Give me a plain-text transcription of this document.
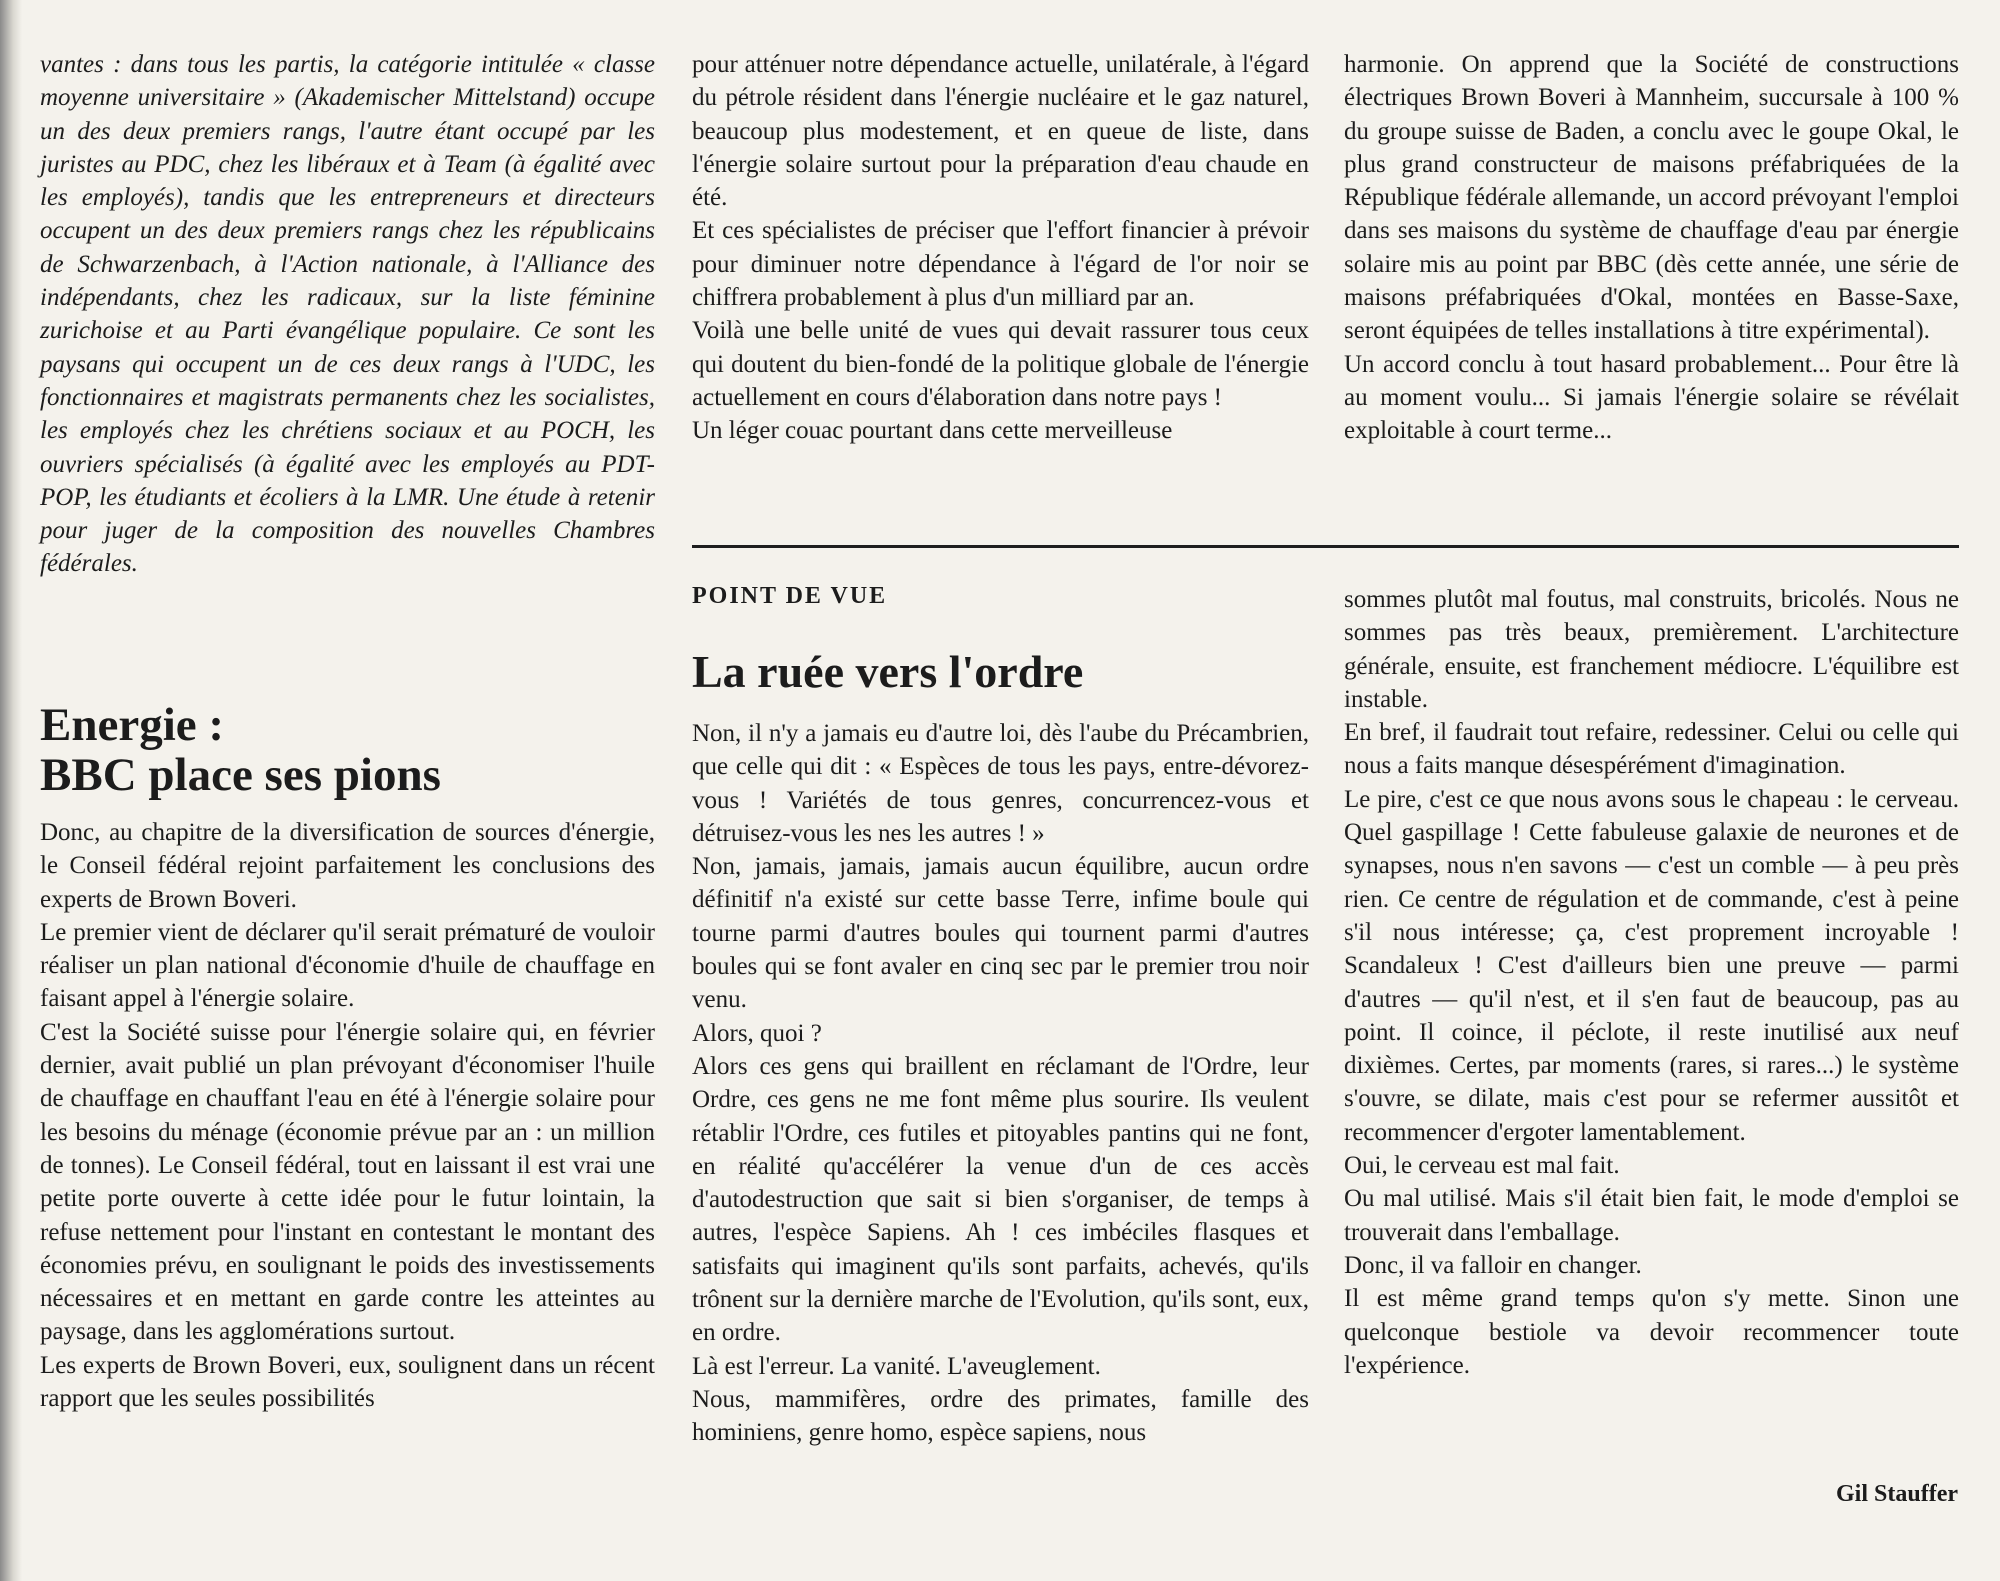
vantes : dans tous les partis, la catégorie intitulée « classe moyenne universitaire » (Akademischer Mittelstand) occupe un des deux premiers rangs, l'autre étant occupé par les juristes au PDC, chez les libéraux et à Team (à égalité avec les employés), tandis que les entrepreneurs et directeurs occupent un des deux premiers rangs chez les républicains de Schwarzenbach, à l'Action nationale, à l'Alliance des indépendants, chez les radicaux, sur la liste féminine zurichoise et au Parti évangélique populaire. Ce sont les paysans qui occupent un de ces deux rangs à l'UDC, les fonctionnaires et magistrats permanents chez les socialistes, les employés chez les chrétiens sociaux et au POCH, les ouvriers spécialisés (à égalité avec les employés au PDT-POP, les étudiants et écoliers à la LMR. Une étude à retenir pour juger de la composition des nouvelles Chambres fédérales.

Energie :
BBC place ses pions

Donc, au chapitre de la diversification de sources d'énergie, le Conseil fédéral rejoint parfaitement les conclusions des experts de Brown Boveri.

Le premier vient de déclarer qu'il serait prématuré de vouloir réaliser un plan national d'économie d'huile de chauffage en faisant appel à l'énergie solaire.

C'est la Société suisse pour l'énergie solaire qui, en février dernier, avait publié un plan prévoyant d'économiser l'huile de chauffage en chauffant l'eau en été à l'énergie solaire pour les besoins du ménage (économie prévue par an : un million de tonnes). Le Conseil fédéral, tout en laissant il est vrai une petite porte ouverte à cette idée pour le futur lointain, la refuse nettement pour l'instant en contestant le montant des économies prévu, en soulignant le poids des investissements nécessaires et en mettant en garde contre les atteintes au paysage, dans les agglomérations surtout.

Les experts de Brown Boveri, eux, soulignent dans un récent rapport que les seules possibilités

pour atténuer notre dépendance actuelle, unilatérale, à l'égard du pétrole résident dans l'énergie nucléaire et le gaz naturel, beaucoup plus modestement, et en queue de liste, dans l'énergie solaire surtout pour la préparation d'eau chaude en été.

Et ces spécialistes de préciser que l'effort financier à prévoir pour diminuer notre dépendance à l'égard de l'or noir se chiffrera probablement à plus d'un milliard par an.

Voilà une belle unité de vues qui devait rassurer tous ceux qui doutent du bien-fondé de la politique globale de l'énergie actuellement en cours d'élaboration dans notre pays !

Un léger couac pourtant dans cette merveilleuse

harmonie. On apprend que la Société de constructions électriques Brown Boveri à Mannheim, succursale à 100 % du groupe suisse de Baden, a conclu avec le goupe Okal, le plus grand constructeur de maisons préfabriquées de la République fédérale allemande, un accord prévoyant l'emploi dans ses maisons du système de chauffage d'eau par énergie solaire mis au point par BBC (dès cette année, une série de maisons préfabriquées d'Okal, montées en Basse-Saxe, seront équipées de telles installations à titre expérimental).

Un accord conclu à tout hasard probablement... Pour être là au moment voulu... Si jamais l'énergie solaire se révélait exploitable à court terme...

POINT DE VUE

La ruée vers l'ordre

Non, il n'y a jamais eu d'autre loi, dès l'aube du Précambrien, que celle qui dit : « Espèces de tous les pays, entre-dévorez-vous ! Variétés de tous genres, concurrencez-vous et détruisez-vous les nes les autres ! »

Non, jamais, jamais, jamais aucun équilibre, aucun ordre définitif n'a existé sur cette basse Terre, infime boule qui tourne parmi d'autres boules qui tournent parmi d'autres boules qui se font avaler en cinq sec par le premier trou noir venu.

Alors, quoi ?

Alors ces gens qui braillent en réclamant de l'Ordre, leur Ordre, ces gens ne me font même plus sourire. Ils veulent rétablir l'Ordre, ces futiles et pitoyables pantins qui ne font, en réalité qu'accélérer la venue d'un de ces accès d'autodestruction que sait si bien s'organiser, de temps à autres, l'espèce Sapiens. Ah ! ces imbéciles flasques et satisfaits qui imaginent qu'ils sont parfaits, achevés, qu'ils trônent sur la dernière marche de l'Evolution, qu'ils sont, eux, en ordre.

Là est l'erreur. La vanité. L'aveuglement.

Nous, mammifères, ordre des primates, famille des hominiens, genre homo, espèce sapiens, nous

sommes plutôt mal foutus, mal construits, bricolés. Nous ne sommes pas très beaux, premièrement. L'architecture générale, ensuite, est franchement médiocre. L'équilibre est instable.

En bref, il faudrait tout refaire, redessiner. Celui ou celle qui nous a faits manque désespérément d'imagination.

Le pire, c'est ce que nous avons sous le chapeau : le cerveau. Quel gaspillage ! Cette fabuleuse galaxie de neurones et de synapses, nous n'en savons — c'est un comble — à peu près rien. Ce centre de régulation et de commande, c'est à peine s'il nous intéresse; ça, c'est proprement incroyable ! Scandaleux ! C'est d'ailleurs bien une preuve — parmi d'autres — qu'il n'est, et il s'en faut de beaucoup, pas au point. Il coince, il péclote, il reste inutilisé aux neuf dixièmes. Certes, par moments (rares, si rares...) le système s'ouvre, se dilate, mais c'est pour se refermer aussitôt et recommencer d'ergoter lamentablement.

Oui, le cerveau est mal fait.

Ou mal utilisé. Mais s'il était bien fait, le mode d'emploi se trouverait dans l'emballage.

Donc, il va falloir en changer.

Il est même grand temps qu'on s'y mette. Sinon une quelconque bestiole va devoir recommencer toute l'expérience.

Gil Stauffer
